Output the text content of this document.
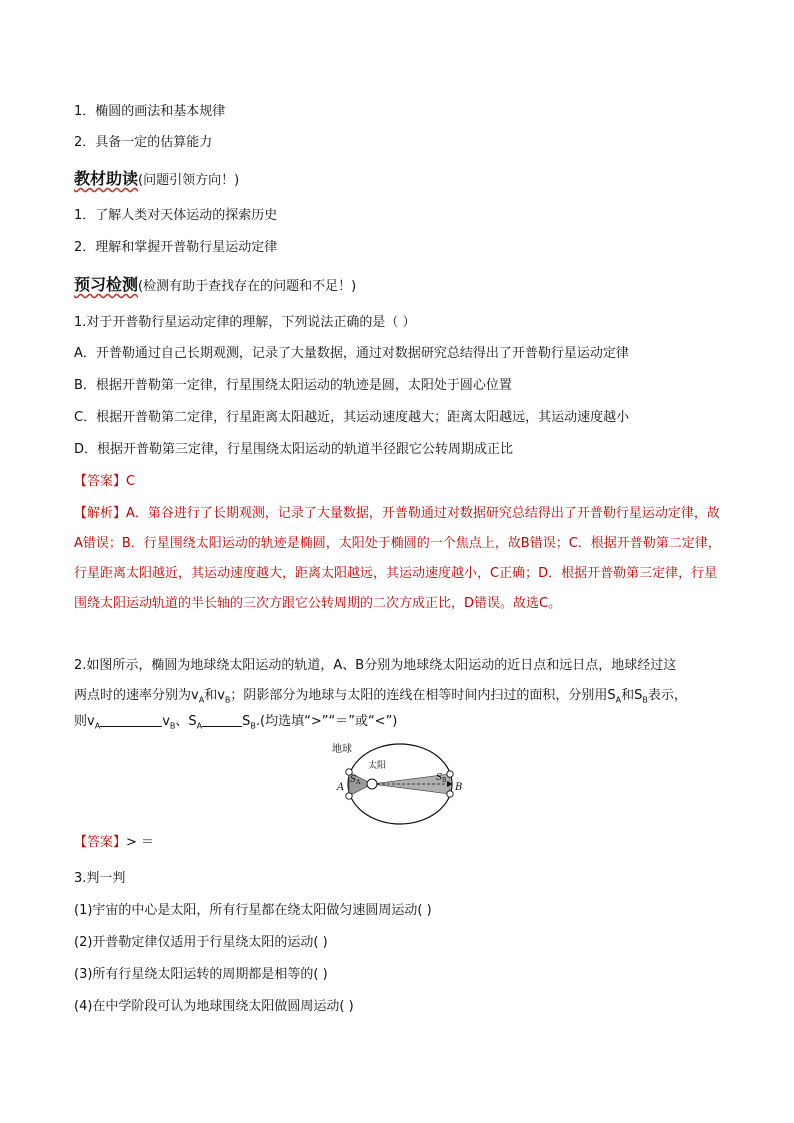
1．椭圆的画法和基本规律
2．具备一定的估算能力
教材助读(问题引领方向！)
1．了解人类对天体运动的探索历史
2．理解和掌握开普勒行星运动定律
预习检测(检测有助于查找存在的问题和不足！)
1.对于开普勒行星运动定律的理解，下列说法正确的是（ ）
A．开普勒通过自己长期观测，记录了大量数据，通过对数据研究总结得出了开普勒行星运动定律
B．根据开普勒第一定律，行星围绕太阳运动的轨迹是圆，太阳处于圆心位置
C．根据开普勒第二定律，行星距离太阳越近，其运动速度越大；距离太阳越远，其运动速度越小
D．根据开普勒第三定律，行星围绕太阳运动的轨道半径跟它公转周期成正比
【答案】C
【解析】A．第谷进行了长期观测，记录了大量数据，开普勒通过对数据研究总结得出了开普勒行星运动定律，故A错误；B．行星围绕太阳运动的轨迹是椭圆，太阳处于椭圆的一个焦点上，故B错误；C．根据开普勒第二定律，行星距离太阳越近，其运动速度越大，距离太阳越远，其运动速度越小，C正确；D．根据开普勒第三定律，行星围绕太阳运动轨道的半长轴的三次方跟它公转周期的二次方成正比，D错误。故选C。
2.如图所示，椭圆为地球绕太阳运动的轨道，A、B分别为地球绕太阳运动的近日点和远日点，地球经过这
两点时的速率分别为$v_A$和$v_B$；阴影部分为地球与太阳的连线在相等时间内扫过的面积，分别用$S_A$和$S_B$表示，
则$v_A$	$v_B$、$S_A$	$S_B$.(均选填“>”“＝”或“<”)
地球
太阳
A	B
S A	S B
【答案】> ＝
3.判一判
(1)宇宙的中心是太阳，所有行星都在绕太阳做匀速圆周运动( )
(2)开普勒定律仅适用于行星绕太阳的运动( )
(3)所有行星绕太阳运转的周期都是相等的( )
(4)在中学阶段可认为地球围绕太阳做圆周运动( )
